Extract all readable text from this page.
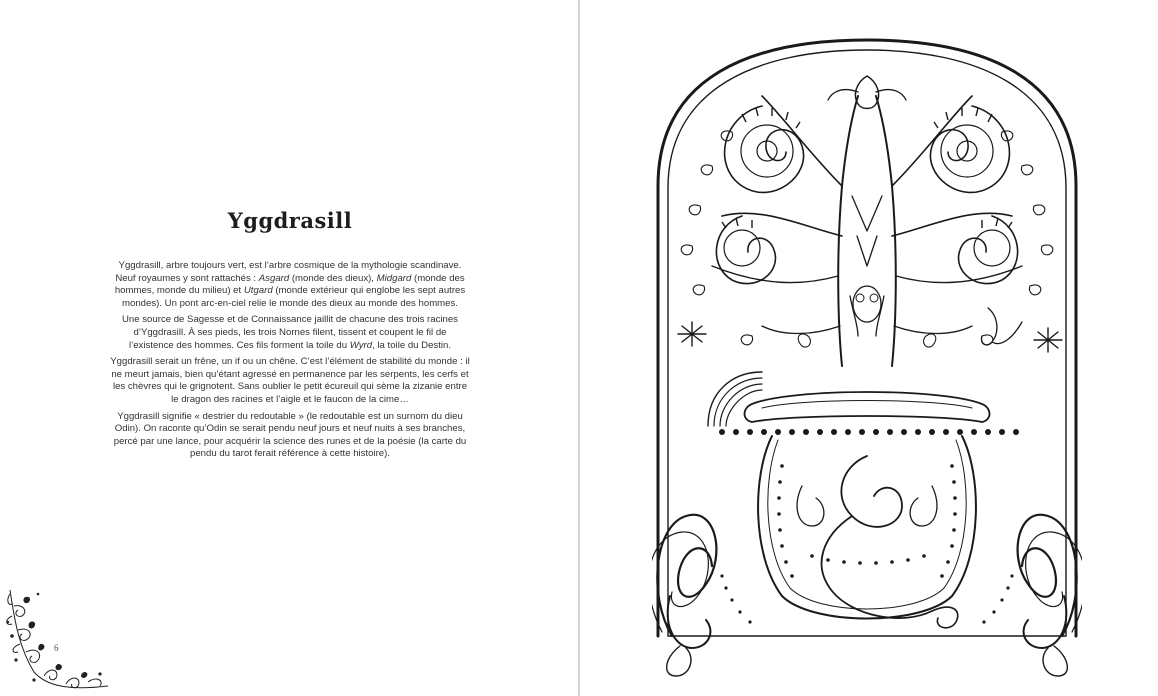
Yggdrasill

Yggdrasill, arbre toujours vert, est l’arbre cosmique de la mythologie scandinave. Neuf royaumes y sont rattachés : Asgard (monde des dieux), Midgard (monde des hommes, monde du milieu) et Utgard (monde extérieur qui englobe les sept autres mondes). Un pont arc-en-ciel relie le monde des dieux au monde des hommes.

Une source de Sagesse et de Connaissance jaillit de chacune des trois racines d’Yggdrasill. À ses pieds, les trois Nornes filent, tissent et coupent le fil de l’existence des hommes. Ces fils forment la toile du Wyrd, la toile du Destin.

Yggdrasill serait un frêne, un if ou un chêne. C’est l’élément de stabilité du monde : il ne meurt jamais, bien qu’étant agressé en permanence par les serpents, les cerfs et les chèvres qui le grignotent. Sans oublier le petit écureuil qui sème la zizanie entre le dragon des racines et l’aigle et le faucon de la cime…

Yggdrasill signifie « destrier du redoutable » (le redoutable est un surnom du dieu Odin). On raconte qu’Odin se serait pendu neuf jours et neuf nuits à ses branches, percé par une lance, pour acquérir la science des runes et de la poésie (la carte du pendu du tarot ferait référence à cette histoire).

6
